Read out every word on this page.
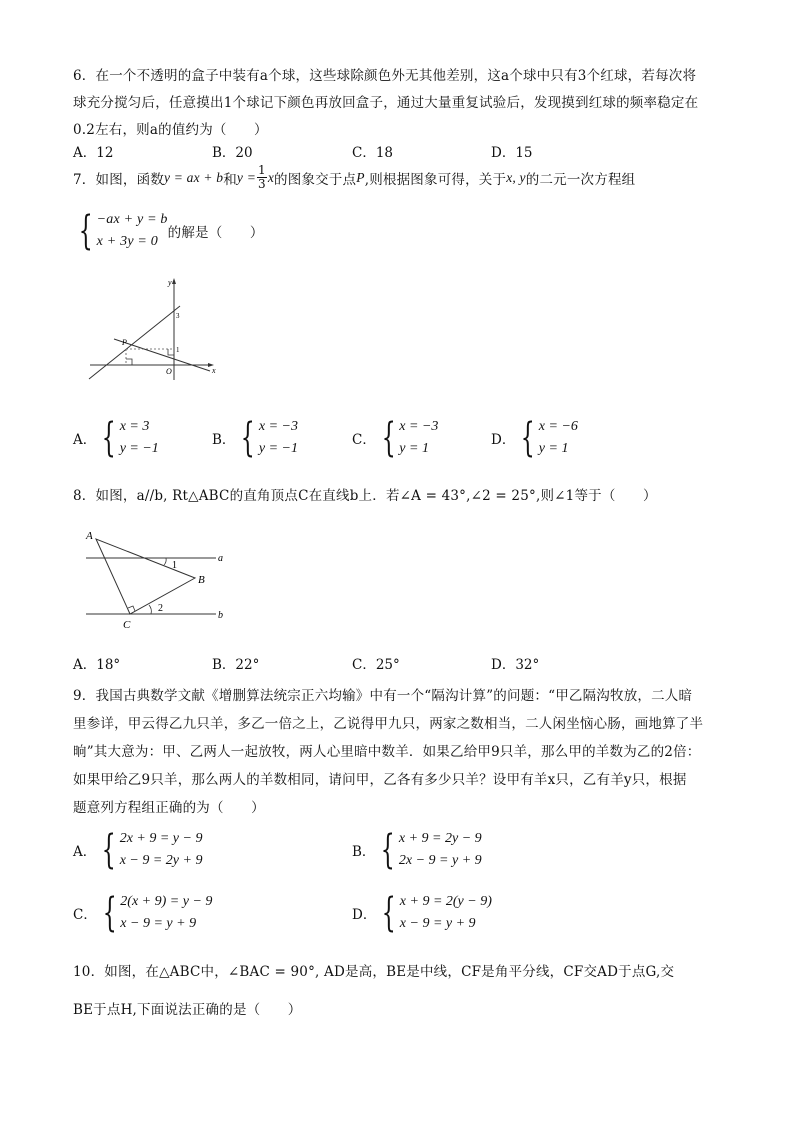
6．在一个不透明的盒子中装有a个球，这些球除颜色外无其他差别，这a个球中只有3个红球，若每次将
球充分搅匀后，任意摸出1个球记下颜色再放回盒子，通过大量重复试验后，发现摸到红球的频率稳定在
0.2左右，则a的值约为（　　）
A．12	B．20	C．18	D．15
7．如图，函数 y = ax + b 和 $y = \frac{1}{3}$ x 的图象交于点 P ,则根据图象可得，关于 x, y 的二元一次方程组
{ −ax + y = b
x + 3y = 0
的解是（　　）
y
x
O
P
3
1
A． { x = 3
y = −1
B． { x = −3
y = −1
C． { x = −3
y = 1
D． { x = −6
y = 1
8．如图，a//b, Rt△ABC的直角顶点C在直线b上．若∠A = 43°,∠2 = 25°,则∠1等于（　　）
A
B
C
a
b
1
2
A．18°	B．22°	C．25°	D．32°
9．我国古典数学文献《增删算法统宗正六均输》中有一个“隔沟计算”的问题：“甲乙隔沟牧放，二人暗
里参详，甲云得乙九只羊，多乙一倍之上，乙说得甲九只，两家之数相当，二人闲坐恼心肠，画地算了半
晌”其大意为：甲、乙两人一起放牧，两人心里暗中数羊．如果乙给甲9只羊，那么甲的羊数为乙的2倍：
如果甲给乙9只羊，那么两人的羊数相同，请问甲，乙各有多少只羊？设甲有羊x只，乙有羊y只，根据
题意列方程组正确的为（　　）
A． { 2x + 9 = y − 9
x − 9 = 2y + 9
B． { x + 9 = 2y − 9
2x − 9 = y + 9
C． { 2(x + 9) = y − 9
x − 9 = y + 9
D． { x + 9 = 2(y − 9)
x − 9 = y + 9
10．如图，在△ABC中，∠BAC = 90°, AD是高，BE是中线，CF是角平分线，CF交AD于点G,交
BE于点H,下面说法正确的是（　　）
